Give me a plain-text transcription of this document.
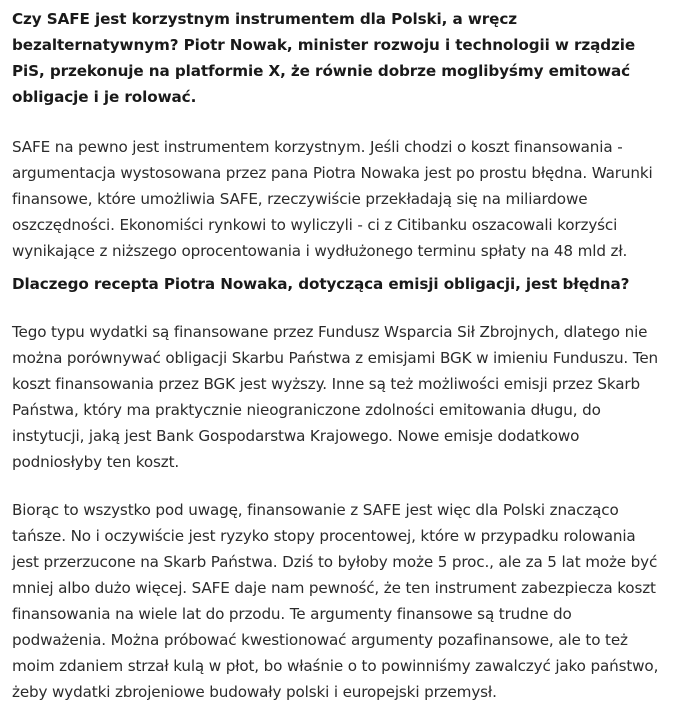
Czy SAFE jest korzystnym instrumentem dla Polski, a wręcz bezalternatywnym? Piotr Nowak, minister rozwoju i technologii w rządzie PiS, przekonuje na platformie X, że równie dobrze moglibyśmy emitować obligacje i je rolować.

SAFE na pewno jest instrumentem korzystnym. Jeśli chodzi o koszt finansowania - argumentacja wystosowana przez pana Piotra Nowaka jest po prostu błędna. Warunki finansowe, które umożliwia SAFE, rzeczywiście przekładają się na miliardowe oszczędności. Ekonomiści rynkowi to wyliczyli - ci z Citibanku oszacowali korzyści wynikające z niższego oprocentowania i wydłużonego terminu spłaty na 48 mld zł.

Dlaczego recepta Piotra Nowaka, dotycząca emisji obligacji, jest błędna?

Tego typu wydatki są finansowane przez Fundusz Wsparcia Sił Zbrojnych, dlatego nie można porównywać obligacji Skarbu Państwa z emisjami BGK w imieniu Funduszu. Ten koszt finansowania przez BGK jest wyższy. Inne są też możliwości emisji przez Skarb Państwa, który ma praktycznie nieograniczone zdolności emitowania długu, do instytucji, jaką jest Bank Gospodarstwa Krajowego. Nowe emisje dodatkowo podniosłyby ten koszt.

Biorąc to wszystko pod uwagę, finansowanie z SAFE jest więc dla Polski znacząco tańsze. No i oczywiście jest ryzyko stopy procentowej, które w przypadku rolowania jest przerzucone na Skarb Państwa. Dziś to byłoby może 5 proc., ale za 5 lat może być mniej albo dużo więcej. SAFE daje nam pewność, że ten instrument zabezpiecza koszt finansowania na wiele lat do przodu. Te argumenty finansowe są trudne do podważenia. Można próbować kwestionować argumenty pozafinansowe, ale to też moim zdaniem strzał kulą w płot, bo właśnie o to powinniśmy zawalczyć jako państwo, żeby wydatki zbrojeniowe budowały polski i europejski przemysł.
